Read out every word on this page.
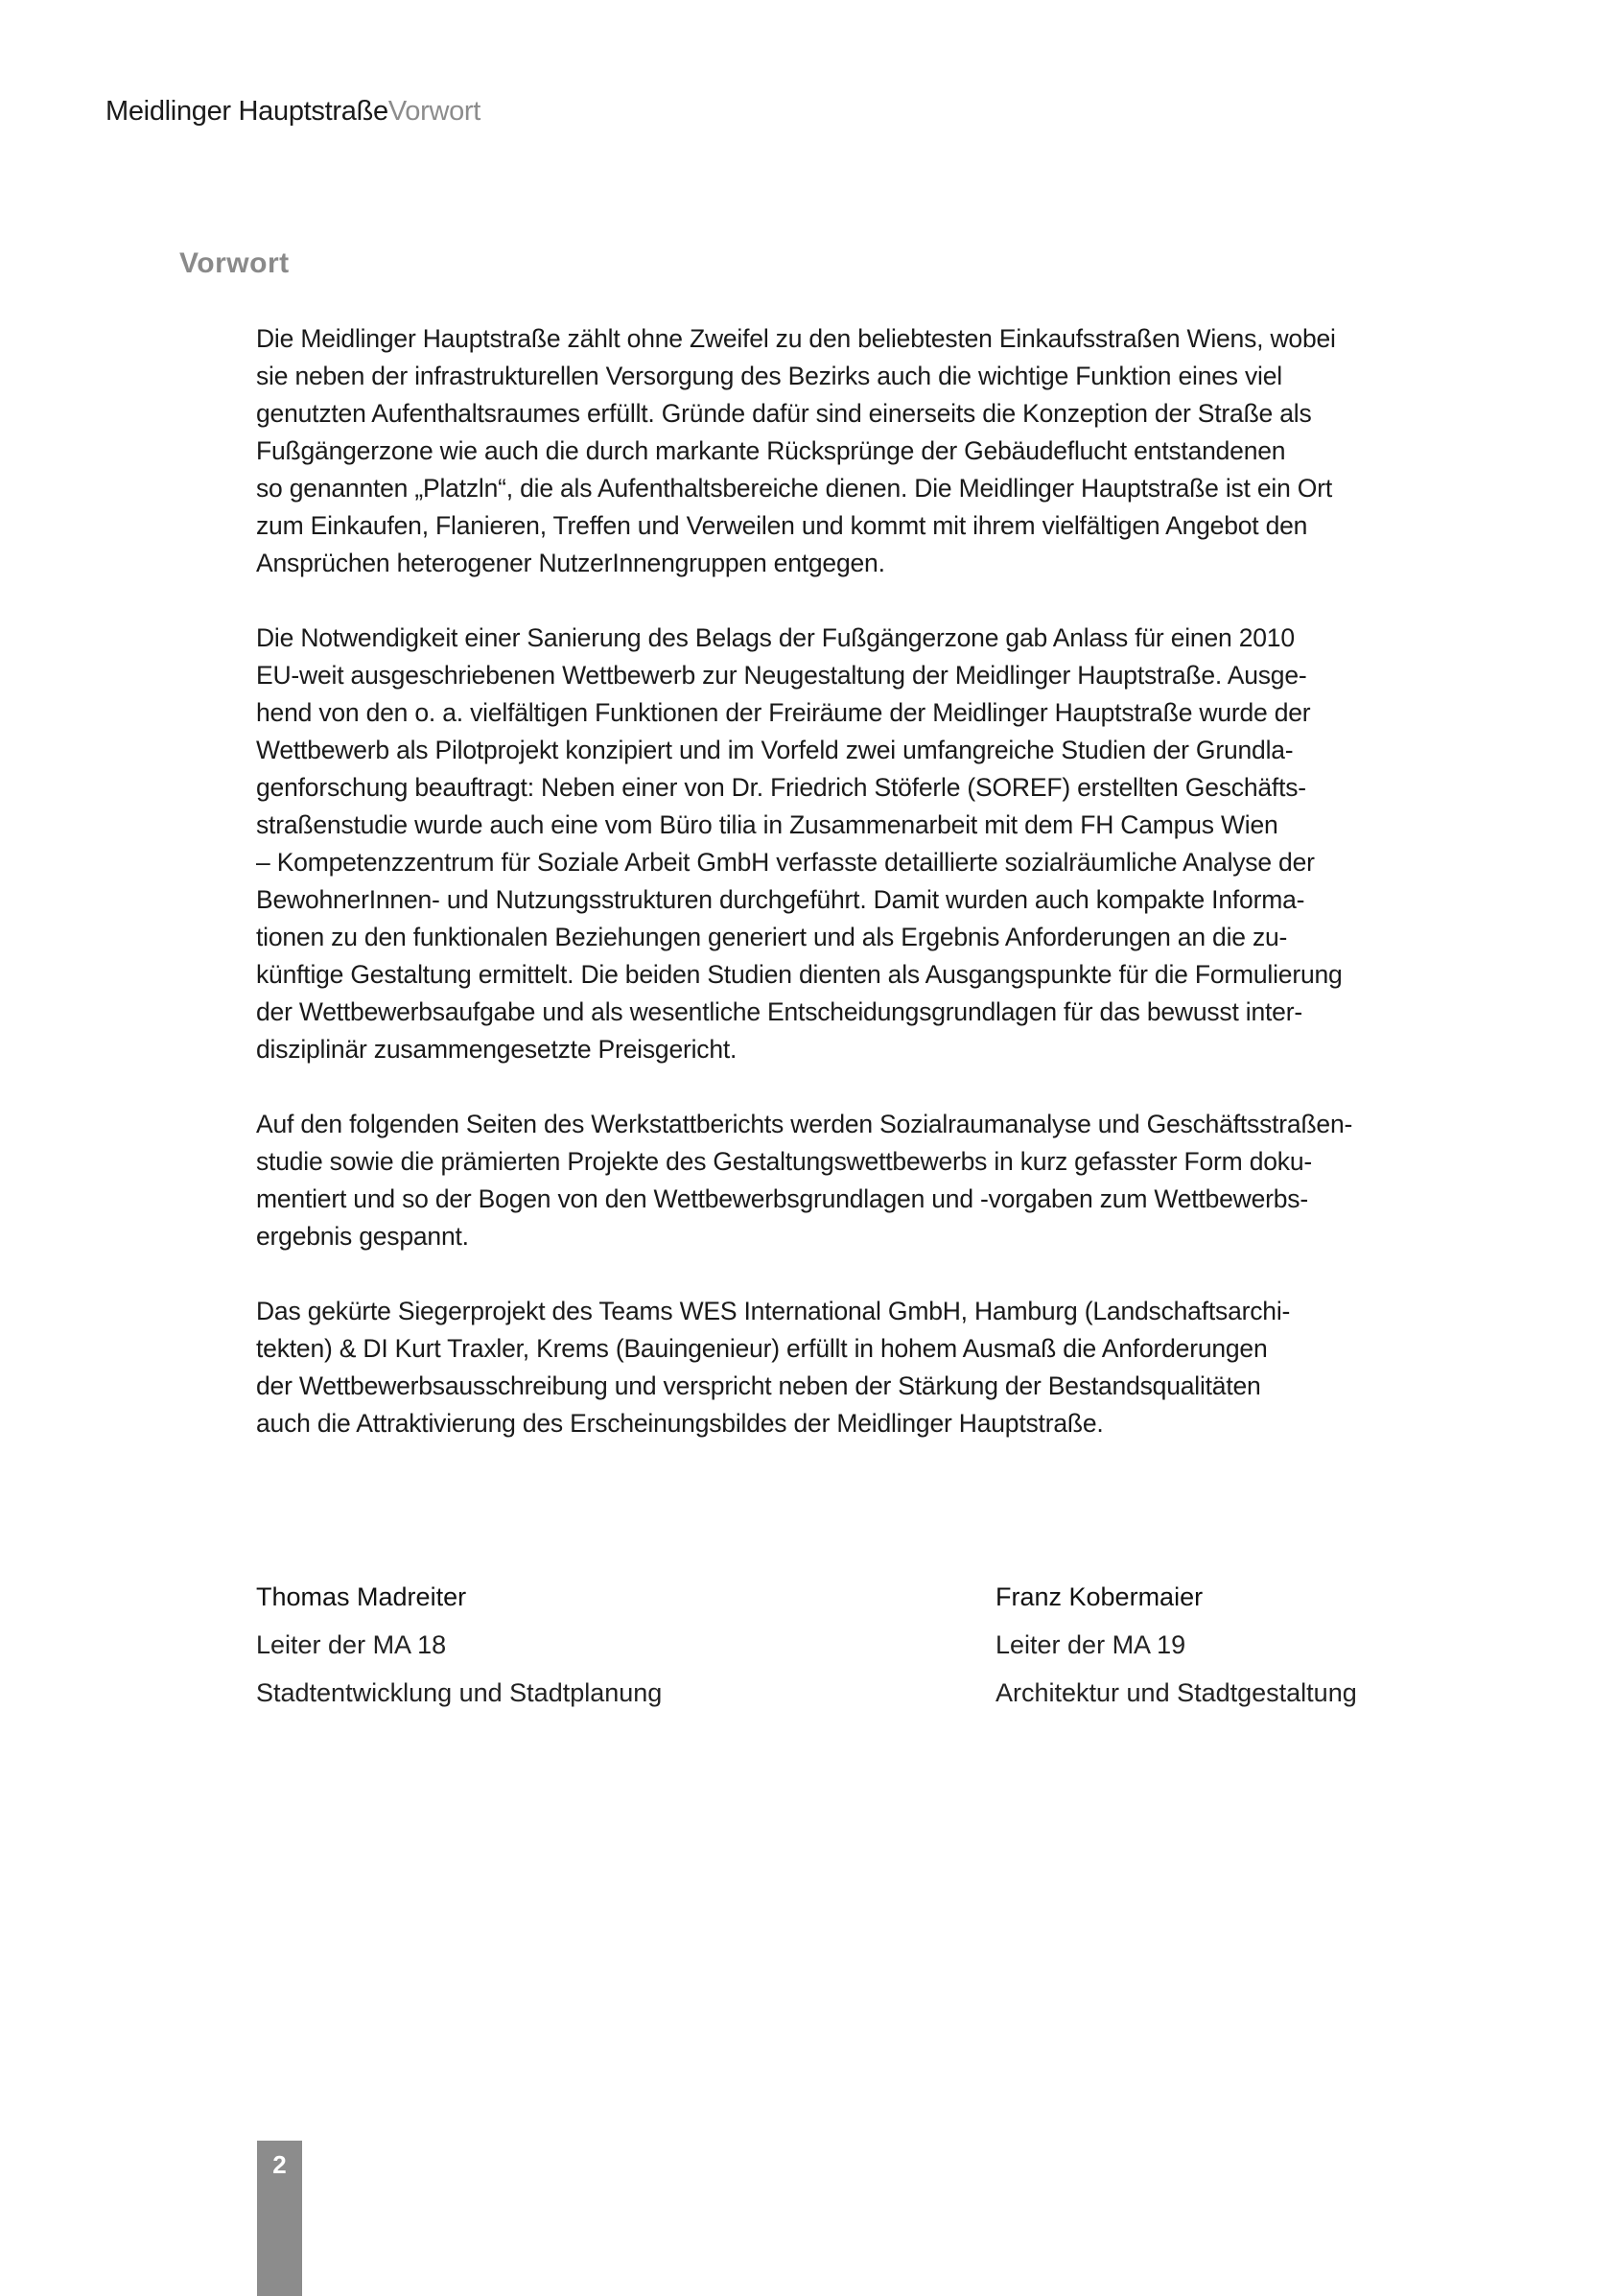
Meidlinger HauptstraßeVorwort
Vorwort

Die Meidlinger Hauptstraße zählt ohne Zweifel zu den beliebtesten Einkaufsstraßen Wiens, wobei
sie neben der infrastrukturellen Versorgung des Bezirks auch die wichtige Funktion eines viel
genutzten Aufenthaltsraumes erfüllt. Gründe dafür sind einerseits die Konzeption der Straße als
Fußgängerzone wie auch die durch markante Rücksprünge der Gebäudeflucht entstandenen
so genannten „Platzln“, die als Aufenthaltsbereiche dienen. Die Meidlinger Hauptstraße ist ein Ort
zum Einkaufen, Flanieren, Treffen und Verweilen und kommt mit ihrem vielfältigen Angebot den
Ansprüchen heterogener NutzerInnengruppen entgegen.

Die Notwendigkeit einer Sanierung des Belags der Fußgängerzone gab Anlass für einen 2010
EU-weit ausgeschriebenen Wettbewerb zur Neugestaltung der Meidlinger Hauptstraße. Ausge-
hend von den o. a. vielfältigen Funktionen der Freiräume der Meidlinger Hauptstraße wurde der
Wettbewerb als Pilotprojekt konzipiert und im Vorfeld zwei umfangreiche Studien der Grundla-
genforschung beauftragt: Neben einer von Dr. Friedrich Stöferle (SOREF) erstellten Geschäfts-
straßenstudie wurde auch eine vom Büro tilia in Zusammenarbeit mit dem FH Campus Wien
– Kompetenzzentrum für Soziale Arbeit GmbH verfasste detaillierte sozialräumliche Analyse der
BewohnerInnen- und Nutzungsstrukturen durchgeführt. Damit wurden auch kompakte Informa-
tionen zu den funktionalen Beziehungen generiert und als Ergebnis Anforderungen an die zu-
künftige Gestaltung ermittelt. Die beiden Studien dienten als Ausgangspunkte für die Formulierung
der Wettbewerbsaufgabe und als wesentliche Entscheidungsgrundlagen für das bewusst inter-
disziplinär zusammengesetzte Preisgericht.

Auf den folgenden Seiten des Werkstattberichts werden Sozialraumanalyse und Geschäftsstraßen-
studie sowie die prämierten Projekte des Gestaltungswettbewerbs in kurz gefasster Form doku-
mentiert und so der Bogen von den Wettbewerbsgrundlagen und -vorgaben zum Wettbewerbs-
ergebnis gespannt.

Das gekürte Siegerprojekt des Teams WES International GmbH, Hamburg (Landschaftsarchi-
tekten) & DI Kurt Traxler, Krems (Bauingenieur) erfüllt in hohem Ausmaß die Anforderungen
der Wettbewerbsausschreibung und verspricht neben der Stärkung der Bestandsqualitäten
auch die Attraktivierung des Erscheinungsbildes der Meidlinger Hauptstraße.

Thomas Madreiter
Leiter der MA 18
Stadtentwicklung und Stadtplanung
Franz Kobermaier
Leiter der MA 19
Architektur und Stadtgestaltung
2
